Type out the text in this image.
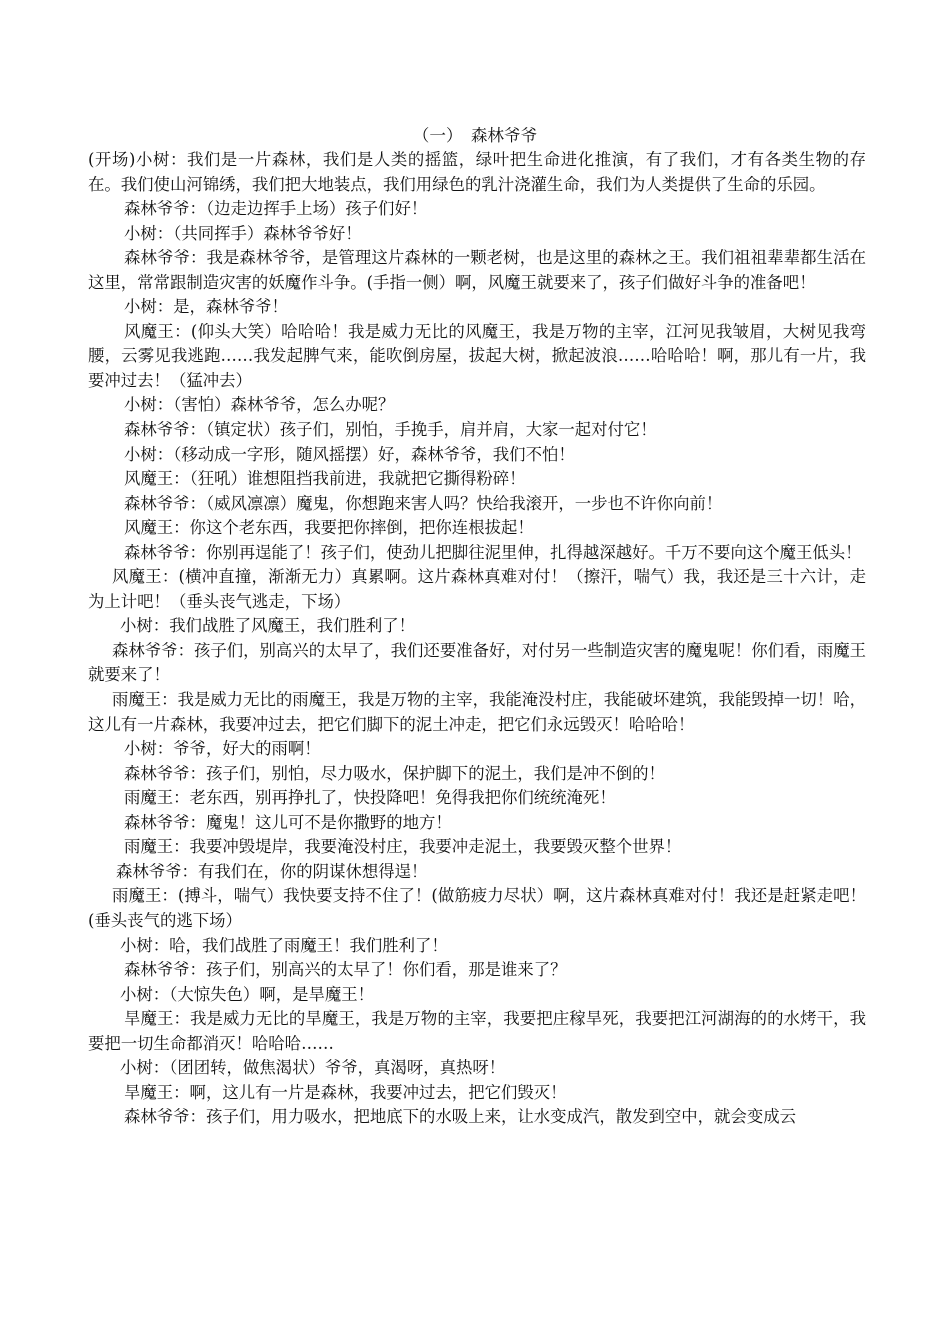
（一）　森林爷爷

(开场)小树：我们是一片森林，我们是人类的摇篮，绿叶把生命进化推演，有了我们，才有各类生物的存在。我们使山河锦绣，我们把大地装点，我们用绿色的乳汁浇灌生命，我们为人类提供了生命的乐园。

森林爷爷：（边走边挥手上场）孩子们好！

小树：（共同挥手）森林爷爷好！

森林爷爷：我是森林爷爷，是管理这片森林的一颗老树，也是这里的森林之王。我们祖祖辈辈都生活在这里，常常跟制造灾害的妖魔作斗争。(手指一侧）啊，风魔王就要来了，孩子们做好斗争的准备吧！

小树：是，森林爷爷！

风魔王：(仰头大笑）哈哈哈！我是威力无比的风魔王，我是万物的主宰，江河见我皱眉，大树见我弯腰，云雾见我逃跑……我发起脾气来，能吹倒房屋，拔起大树，掀起波浪……哈哈哈！啊，那儿有一片，我要冲过去！（猛冲去）

小树：（害怕）森林爷爷，怎么办呢？

森林爷爷：（镇定状）孩子们，别怕，手挽手，肩并肩，大家一起对付它！

小树：（移动成一字形，随风摇摆）好，森林爷爷，我们不怕！

风魔王：（狂吼）谁想阻挡我前进，我就把它撕得粉碎！

森林爷爷：（威风凛凛）魔鬼，你想跑来害人吗？快给我滚开，一步也不许你向前！

风魔王：你这个老东西，我要把你摔倒，把你连根拔起！

森林爷爷：你别再逞能了！孩子们，使劲儿把脚往泥里伸，扎得越深越好。千万不要向这个魔王低头！

风魔王：(横冲直撞，渐渐无力）真累啊。这片森林真难对付！（擦汗，喘气）我，我还是三十六计，走为上计吧！（垂头丧气逃走，下场）

小树：我们战胜了风魔王，我们胜利了！

森林爷爷：孩子们，别高兴的太早了，我们还要准备好，对付另一些制造灾害的魔鬼呢！你们看，雨魔王就要来了！

雨魔王：我是威力无比的雨魔王，我是万物的主宰，我能淹没村庄，我能破坏建筑，我能毁掉一切！哈，这儿有一片森林，我要冲过去，把它们脚下的泥土冲走，把它们永远毁灭！哈哈哈！

小树：爷爷，好大的雨啊！

森林爷爷：孩子们，别怕，尽力吸水，保护脚下的泥土，我们是冲不倒的！

雨魔王：老东西，别再挣扎了，快投降吧！免得我把你们统统淹死！

森林爷爷：魔鬼！这儿可不是你撒野的地方！

雨魔王：我要冲毁堤岸，我要淹没村庄，我要冲走泥土，我要毁灭整个世界！

森林爷爷：有我们在，你的阴谋休想得逞！

雨魔王：(搏斗，喘气）我快要支持不住了！(做筋疲力尽状）啊，这片森林真难对付！我还是赶紧走吧！(垂头丧气的逃下场）

小树：哈，我们战胜了雨魔王！我们胜利了！

森林爷爷：孩子们，别高兴的太早了！你们看，那是谁来了？

小树：（大惊失色）啊，是旱魔王！

旱魔王：我是威力无比的旱魔王，我是万物的主宰，我要把庄稼旱死，我要把江河湖海的的水烤干，我要把一切生命都消灭！哈哈哈……

小树：（团团转，做焦渴状）爷爷，真渴呀，真热呀！

旱魔王：啊，这儿有一片是森林，我要冲过去，把它们毁灭！

森林爷爷：孩子们，用力吸水，把地底下的水吸上来，让水变成汽，散发到空中，就会变成云
